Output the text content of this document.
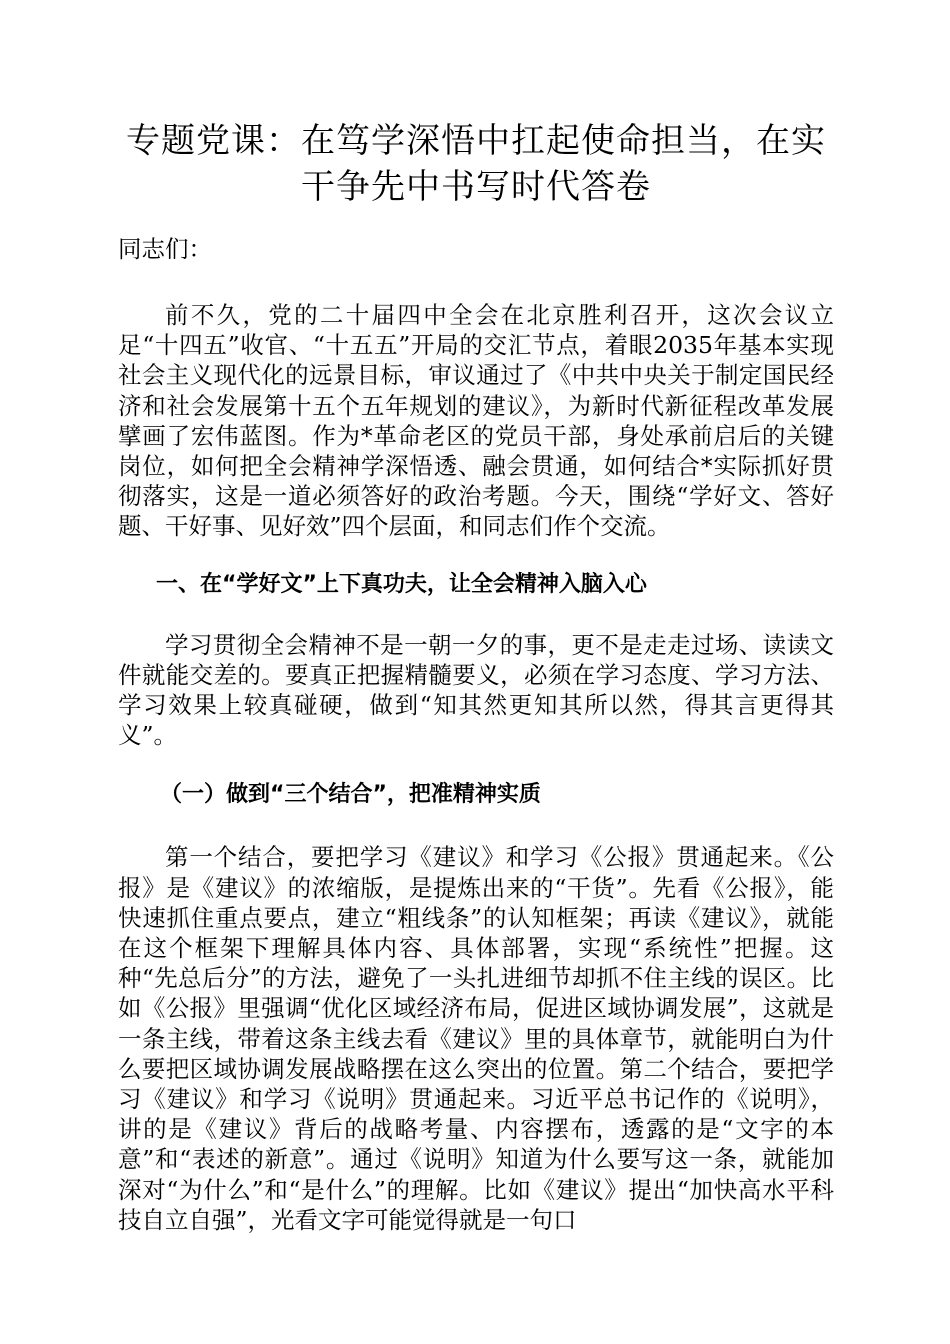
专题党课：在笃学深悟中扛起使命担当，在实
干争先中书写时代答卷

同志们：

前不久，党的二十届四中全会在北京胜利召开，这次会议立足“十四五”收官、“十五五”开局的交汇节点，着眼2035年基本实现社会主义现代化的远景目标，审议通过了《中共中央关于制定国民经济和社会发展第十五个五年规划的建议》，为新时代新征程改革发展擘画了宏伟蓝图。作为*革命老区的党员干部，身处承前启后的关键岗位，如何把全会精神学深悟透、融会贯通，如何结合*实际抓好贯彻落实，这是一道必须答好的政治考题。今天，围绕“学好文、答好题、干好事、见好效”四个层面，和同志们作个交流。

一、在“学好文”上下真功夫，让全会精神入脑入心

学习贯彻全会精神不是一朝一夕的事，更不是走走过场、读读文件就能交差的。要真正把握精髓要义，必须在学习态度、学习方法、学习效果上较真碰硬，做到“知其然更知其所以然，得其言更得其义”。

（一）做到“三个结合”，把准精神实质

第一个结合，要把学习《建议》和学习《公报》贯通起来。《公报》是《建议》的浓缩版，是提炼出来的“干货”。先看《公报》，能快速抓住重点要点，建立“粗线条”的认知框架；再读《建议》，就能在这个框架下理解具体内容、具体部署，实现“系统性”把握。这种“先总后分”的方法，避免了一头扎进细节却抓不住主线的误区。比如《公报》里强调“优化区域经济布局，促进区域协调发展”，这就是一条主线，带着这条主线去看《建议》里的具体章节，就能明白为什么要把区域协调发展战略摆在这么突出的位置。第二个结合，要把学习《建议》和学习《说明》贯通起来。习近平总书记作的《说明》，讲的是《建议》背后的战略考量、内容摆布，透露的是“文字的本意”和“表述的新意”。通过《说明》知道为什么要写这一条，就能加深对“为什么”和“是什么”的理解。比如《建议》提出“加快高水平科技自立自强”，光看文字可能觉得就是一句口
